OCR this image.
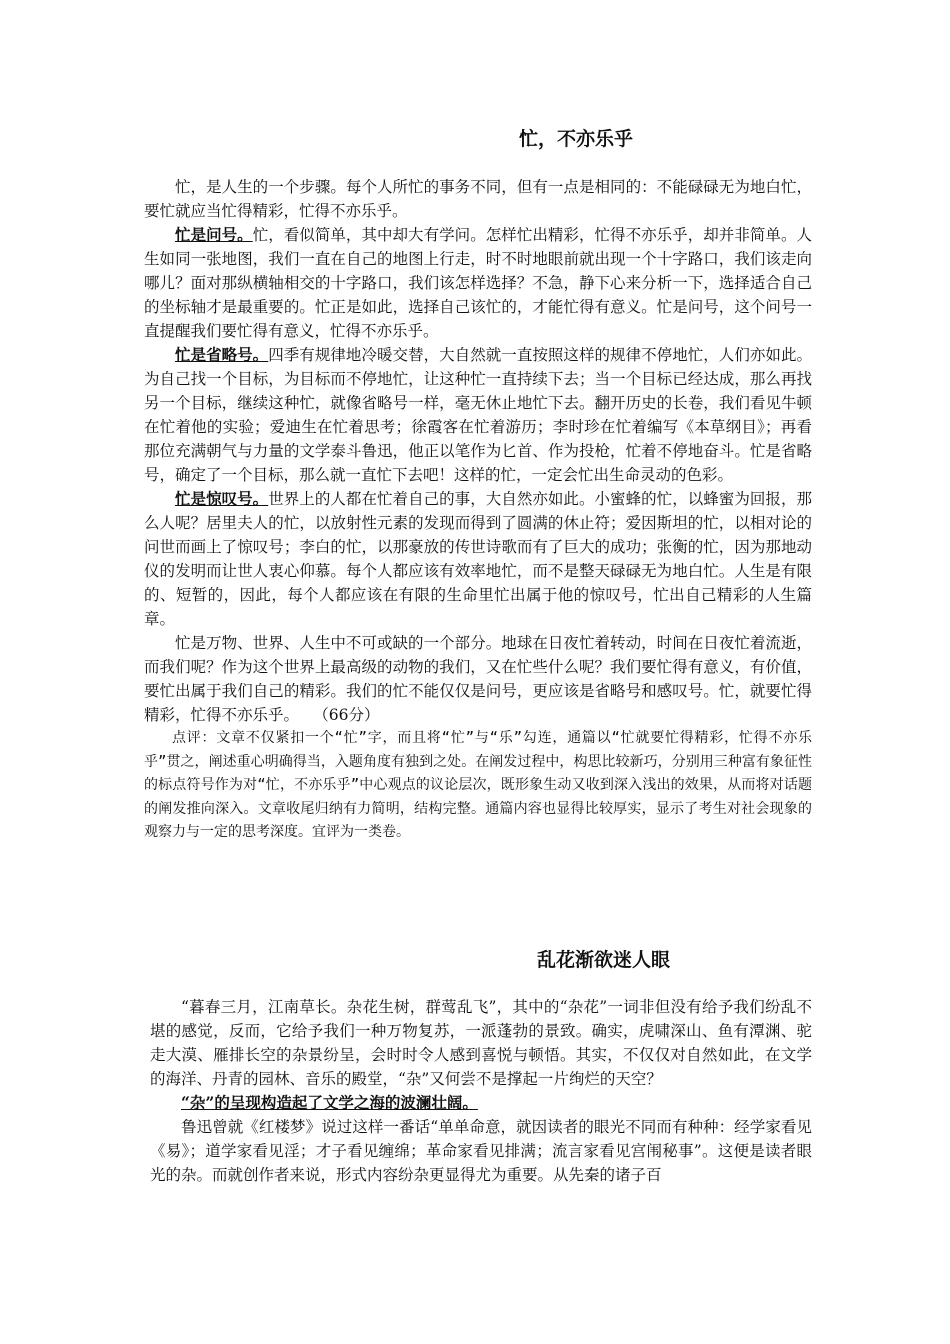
忙，不亦乐乎

忙，是人生的一个步骤。每个人所忙的事务不同，但有一点是相同的：不能碌碌无为地白忙，要忙就应当忙得精彩，忙得不亦乐乎。

忙是问号。忙，看似简单，其中却大有学问。怎样忙出精彩，忙得不亦乐乎，却并非简单。人生如同一张地图，我们一直在自己的地图上行走，时不时地眼前就出现一个十字路口，我们该走向哪儿？面对那纵横轴相交的十字路口，我们该怎样选择？不急，静下心来分析一下，选择适合自己的坐标轴才是最重要的。忙正是如此，选择自己该忙的，才能忙得有意义。忙是问号，这个问号一直提醒我们要忙得有意义，忙得不亦乐乎。

忙是省略号。四季有规律地冷暖交替，大自然就一直按照这样的规律不停地忙，人们亦如此。为自己找一个目标，为目标而不停地忙，让这种忙一直持续下去；当一个目标已经达成，那么再找另一个目标，继续这种忙，就像省略号一样，毫无休止地忙下去。翻开历史的长卷，我们看见牛顿在忙着他的实验；爱迪生在忙着思考；徐霞客在忙着游历；李时珍在忙着编写《本草纲目》；再看那位充满朝气与力量的文学泰斗鲁迅，他正以笔作为匕首、作为投枪，忙着不停地奋斗。忙是省略号，确定了一个目标，那么就一直忙下去吧！这样的忙，一定会忙出生命灵动的色彩。

忙是惊叹号。世界上的人都在忙着自己的事，大自然亦如此。小蜜蜂的忙，以蜂蜜为回报，那么人呢？居里夫人的忙，以放射性元素的发现而得到了圆满的休止符；爱因斯坦的忙，以相对论的问世而画上了惊叹号；李白的忙，以那豪放的传世诗歌而有了巨大的成功；张衡的忙，因为那地动仪的发明而让世人衷心仰慕。每个人都应该有效率地忙，而不是整天碌碌无为地白忙。人生是有限的、短暂的，因此，每个人都应该在有限的生命里忙出属于他的惊叹号，忙出自己精彩的人生篇章。

忙是万物、世界、人生中不可或缺的一个部分。地球在日夜忙着转动，时间在日夜忙着流逝，而我们呢？作为这个世界上最高级的动物的我们，又在忙些什么呢？我们要忙得有意义，有价值，要忙出属于我们自己的精彩。我们的忙不能仅仅是问号，更应该是省略号和感叹号。忙，就要忙得精彩，忙得不亦乐乎。 （66分）

点评：文章不仅紧扣一个“忙”字，而且将“忙”与“乐”勾连，通篇以“忙就要忙得精彩，忙得不亦乐乎”贯之，阐述重心明确得当，入题角度有独到之处。在阐发过程中，构思比较新巧，分别用三种富有象征性的标点符号作为对“忙，不亦乐乎”中心观点的议论层次，既形象生动又收到深入浅出的效果，从而将对话题的阐发推向深入。文章收尾归纳有力简明，结构完整。通篇内容也显得比较厚实，显示了考生对社会现象的观察力与一定的思考深度。宜评为一类卷。

乱花渐欲迷人眼

“暮春三月，江南草长。杂花生树，群莺乱飞”，其中的“杂花”一词非但没有给予我们纷乱不堪的感觉，反而，它给予我们一种万物复苏，一派蓬勃的景致。确实，虎啸深山、鱼有潭渊、驼走大漠、雁排长空的杂景纷呈，会时时令人感到喜悦与顿悟。其实，不仅仅对自然如此，在文学的海洋、丹青的园林、音乐的殿堂，“杂”又何尝不是撑起一片绚烂的天空？

“杂”的呈现构造起了文学之海的波澜壮阔。

鲁迅曾就《红楼梦》说过这样一番话“单单命意，就因读者的眼光不同而有种种：经学家看见《易》；道学家看见淫；才子看见缠绵；革命家看见排满；流言家看见宫闱秘事”。这便是读者眼光的杂。而就创作者来说，形式内容纷杂更显得尤为重要。从先秦的诸子百
